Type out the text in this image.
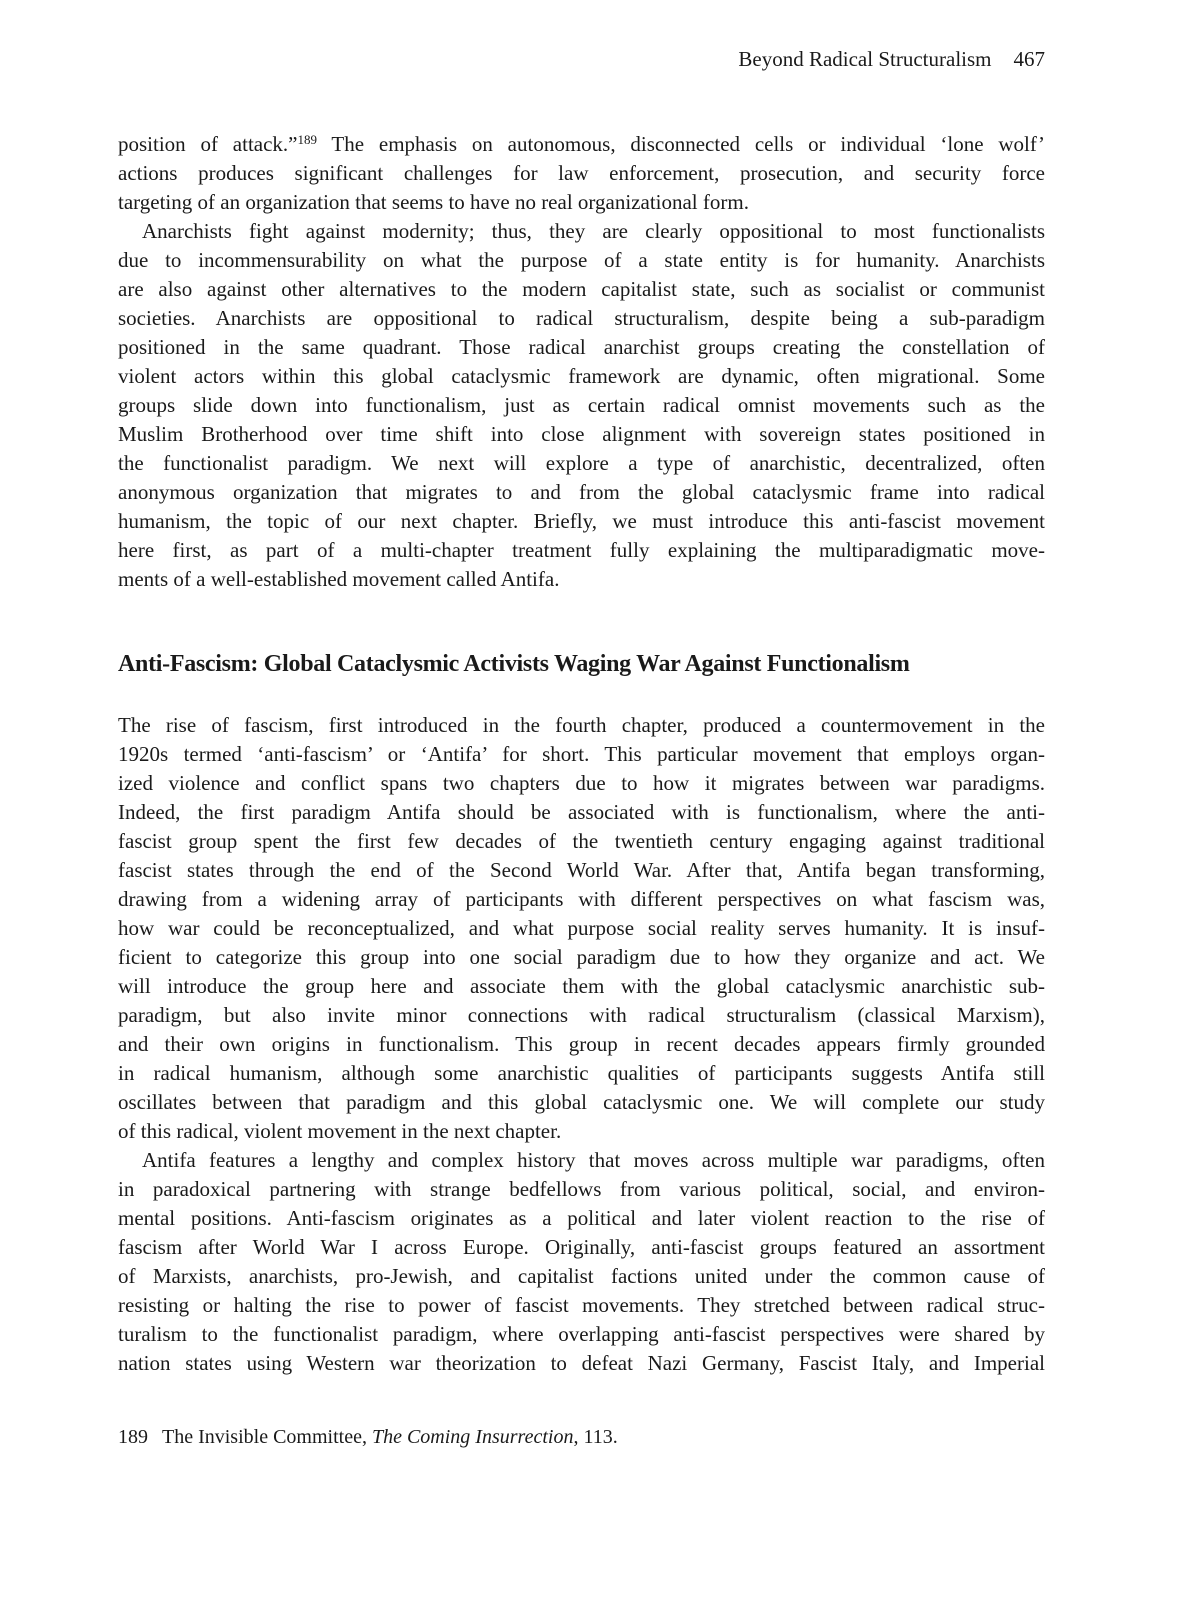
Beyond Radical Structuralism 467
position of attack.”$^{189}$ The emphasis on autonomous, disconnected cells or individual ‘lone wolf’
actions produces significant challenges for law enforcement, prosecution, and security force
targeting of an organization that seems to have no real organizational form.
Anarchists fight against modernity; thus, they are clearly oppositional to most functionalists
due to incommensurability on what the purpose of a state entity is for humanity. Anarchists
are also against other alternatives to the modern capitalist state, such as socialist or communist
societies. Anarchists are oppositional to radical structuralism, despite being a sub-paradigm
positioned in the same quadrant. Those radical anarchist groups creating the constellation of
violent actors within this global cataclysmic framework are dynamic, often migrational. Some
groups slide down into functionalism, just as certain radical omnist movements such as the
Muslim Brotherhood over time shift into close alignment with sovereign states positioned in
the functionalist paradigm. We next will explore a type of anarchistic, decentralized, often
anonymous organization that migrates to and from the global cataclysmic frame into radical
humanism, the topic of our next chapter. Briefly, we must introduce this anti-fascist movement
here first, as part of a multi-chapter treatment fully explaining the multiparadigmatic move-
ments of a well-established movement called Antifa.
Anti-Fascism: Global Cataclysmic Activists Waging War Against Functionalism
The rise of fascism, first introduced in the fourth chapter, produced a countermovement in the
1920s termed ‘anti-fascism’ or ‘Antifa’ for short. This particular movement that employs organ-
ized violence and conflict spans two chapters due to how it migrates between war paradigms.
Indeed, the first paradigm Antifa should be associated with is functionalism, where the anti-
fascist group spent the first few decades of the twentieth century engaging against traditional
fascist states through the end of the Second World War. After that, Antifa began transforming,
drawing from a widening array of participants with different perspectives on what fascism was,
how war could be reconceptualized, and what purpose social reality serves humanity. It is insuf-
ficient to categorize this group into one social paradigm due to how they organize and act. We
will introduce the group here and associate them with the global cataclysmic anarchistic sub-
paradigm, but also invite minor connections with radical structuralism (classical Marxism),
and their own origins in functionalism. This group in recent decades appears firmly grounded
in radical humanism, although some anarchistic qualities of participants suggests Antifa still
oscillates between that paradigm and this global cataclysmic one. We will complete our study
of this radical, violent movement in the next chapter.
Antifa features a lengthy and complex history that moves across multiple war paradigms, often
in paradoxical partnering with strange bedfellows from various political, social, and environ-
mental positions. Anti-fascism originates as a political and later violent reaction to the rise of
fascism after World War I across Europe. Originally, anti-fascist groups featured an assortment
of Marxists, anarchists, pro-Jewish, and capitalist factions united under the common cause of
resisting or halting the rise to power of fascist movements. They stretched between radical struc-
turalism to the functionalist paradigm, where overlapping anti-fascist perspectives were shared by
nation states using Western war theorization to defeat Nazi Germany, Fascist Italy, and Imperial
189 The Invisible Committee, The Coming Insurrection, 113.
